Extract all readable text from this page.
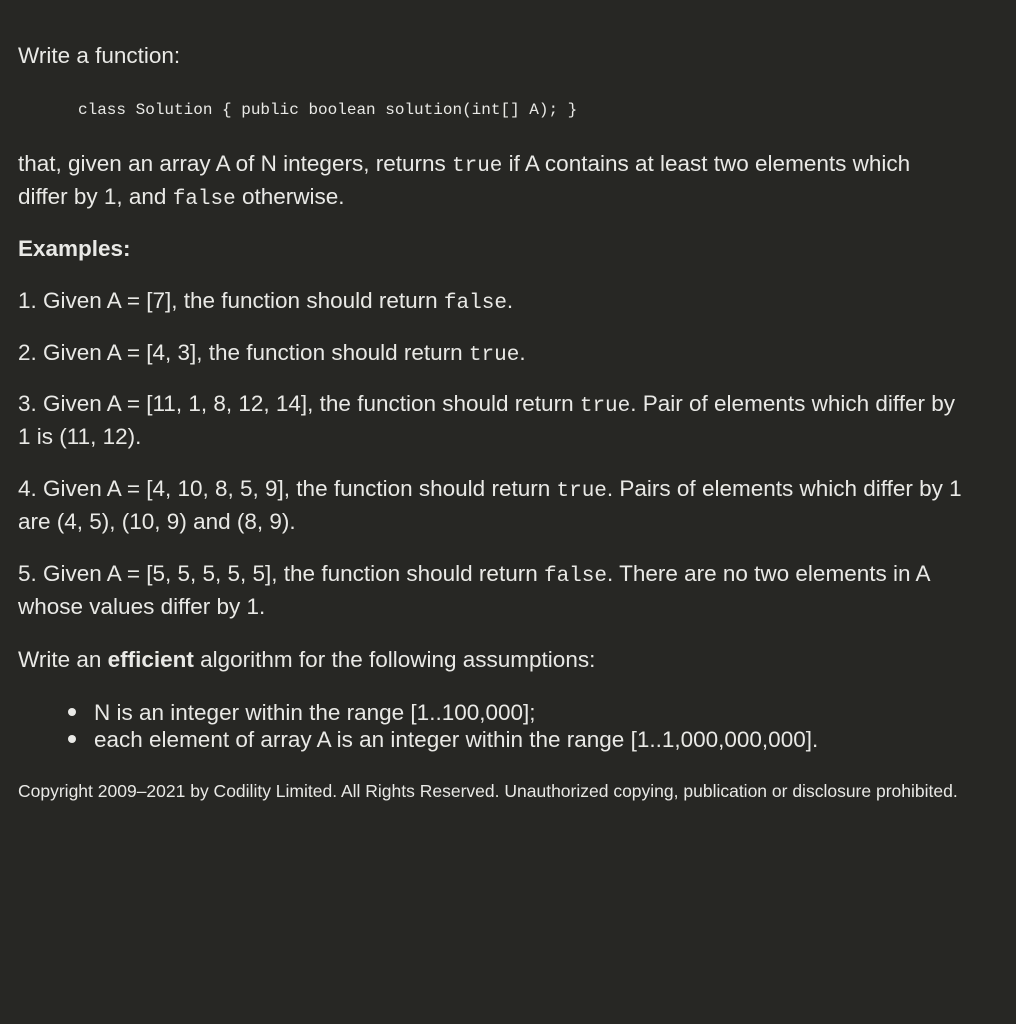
Write a function:

class Solution { public boolean solution(int[] A); }

that, given an array A of N integers, returns true if A contains at least two elements which

differ by 1, and false otherwise.

Examples:

1. Given A = [7], the function should return false.

2. Given A = [4, 3], the function should return true.

3. Given A = [11, 1, 8, 12, 14], the function should return true. Pair of elements which differ by

1 is (11, 12).

4. Given A = [4, 10, 8, 5, 9], the function should return true. Pairs of elements which differ by 1

are (4, 5), (10, 9) and (8, 9).

5. Given A = [5, 5, 5, 5, 5], the function should return false. There are no two elements in A

whose values differ by 1.

Write an efficient algorithm for the following assumptions:

N is an integer within the range [1..100,000];
each element of array A is an integer within the range [1..1,000,000,000].
Copyright 2009–2021 by Codility Limited. All Rights Reserved. Unauthorized copying, publication or disclosure prohibited.
